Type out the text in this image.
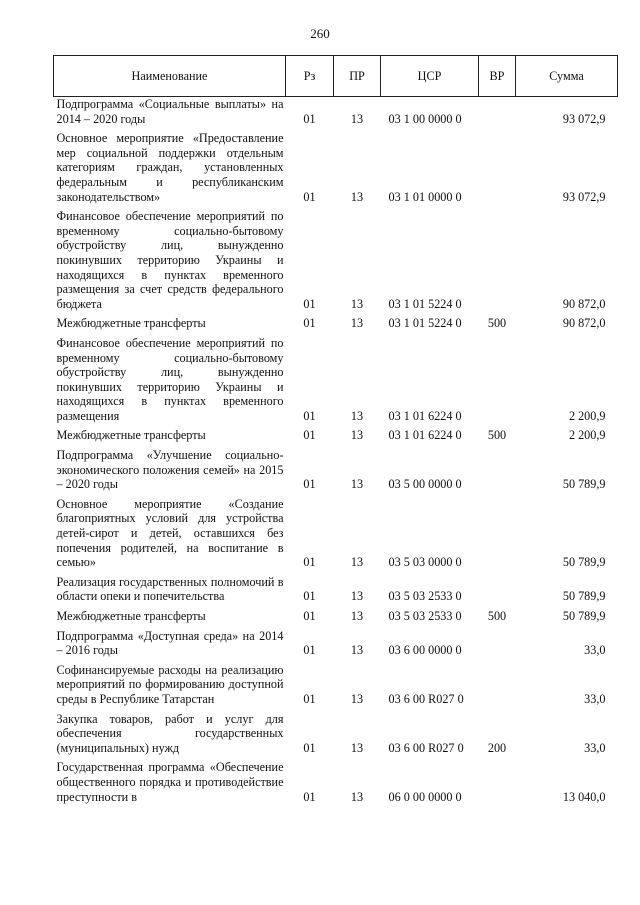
260
Наименование	Рз	ПР	ЦСР	ВР	Сумма
Подпрограмма «Социальные выплаты» на 2014 – 2020 годы	01	13	03 1 00 0000 0		93 072,9
Основное мероприятие «Предоставление мер социальной поддержки отдельным категориям граждан, установленных федеральным и республиканским законодательством»	01	13	03 1 01 0000 0		93 072,9
Финансовое обеспечение мероприятий по временному социально-бытовому обустройству лиц, вынужденно покинувших территорию Украины и находящихся в пунктах временного размещения за счет средств федерального бюджета	01	13	03 1 01 5224 0		90 872,0
Межбюджетные трансферты	01	13	03 1 01 5224 0	500	90 872,0
Финансовое обеспечение мероприятий по временному социально-бытовому обустройству лиц, вынужденно покинувших территорию Украины и находящихся в пунктах временного размещения	01	13	03 1 01 6224 0		2 200,9
Межбюджетные трансферты	01	13	03 1 01 6224 0	500	2 200,9
Подпрограмма «Улучшение социально-экономического положения семей» на 2015 – 2020 годы	01	13	03 5 00 0000 0		50 789,9
Основное мероприятие «Создание благоприятных условий для устройства детей-сирот и детей, оставшихся без попечения родителей, на воспитание в семью»	01	13	03 5 03 0000 0		50 789,9
Реализация государственных полномочий в области опеки и попечительства	01	13	03 5 03 2533 0		50 789,9
Межбюджетные трансферты	01	13	03 5 03 2533 0	500	50 789,9
Подпрограмма «Доступная среда» на 2014 – 2016 годы	01	13	03 6 00 0000 0		33,0
Софинансируемые расходы на реализацию мероприятий по формированию доступной среды в Республике Татарстан	01	13	03 6 00 R027 0		33,0
Закупка товаров, работ и услуг для обеспечения государственных (муниципальных) нужд	01	13	03 6 00 R027 0	200	33,0
Государственная программа «Обеспечение общественного порядка и противодействие преступности в	01	13	06 0 00 0000 0		13 040,0
